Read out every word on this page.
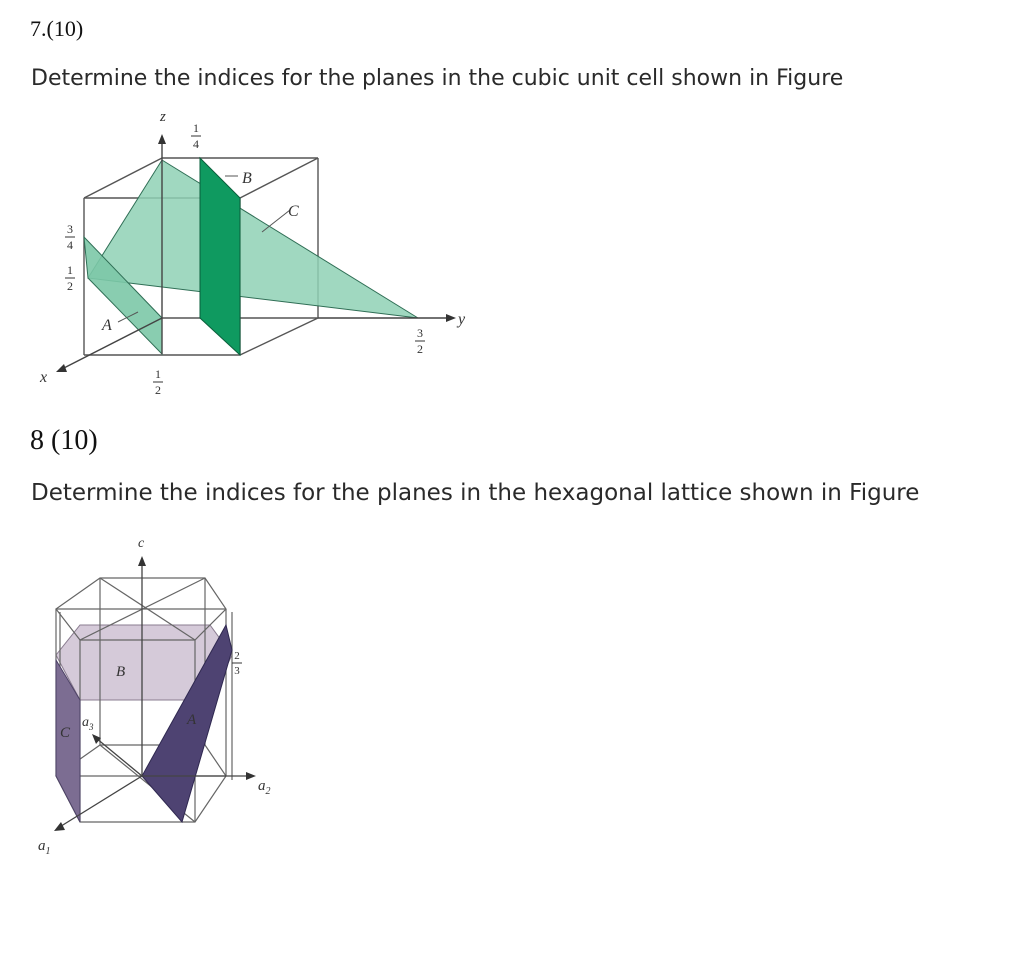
7.(10)
Determine the indices for the planes in the cubic unit cell shown in Figure
z
y
x
B
C
A
1
4
3
4
1
2
1
2
3
2
8 (10)
Determine the indices for the planes in the hexagonal lattice shown in Figure
c
$a_2$
$a_1$
$a_3$
B
C
A
2
3
